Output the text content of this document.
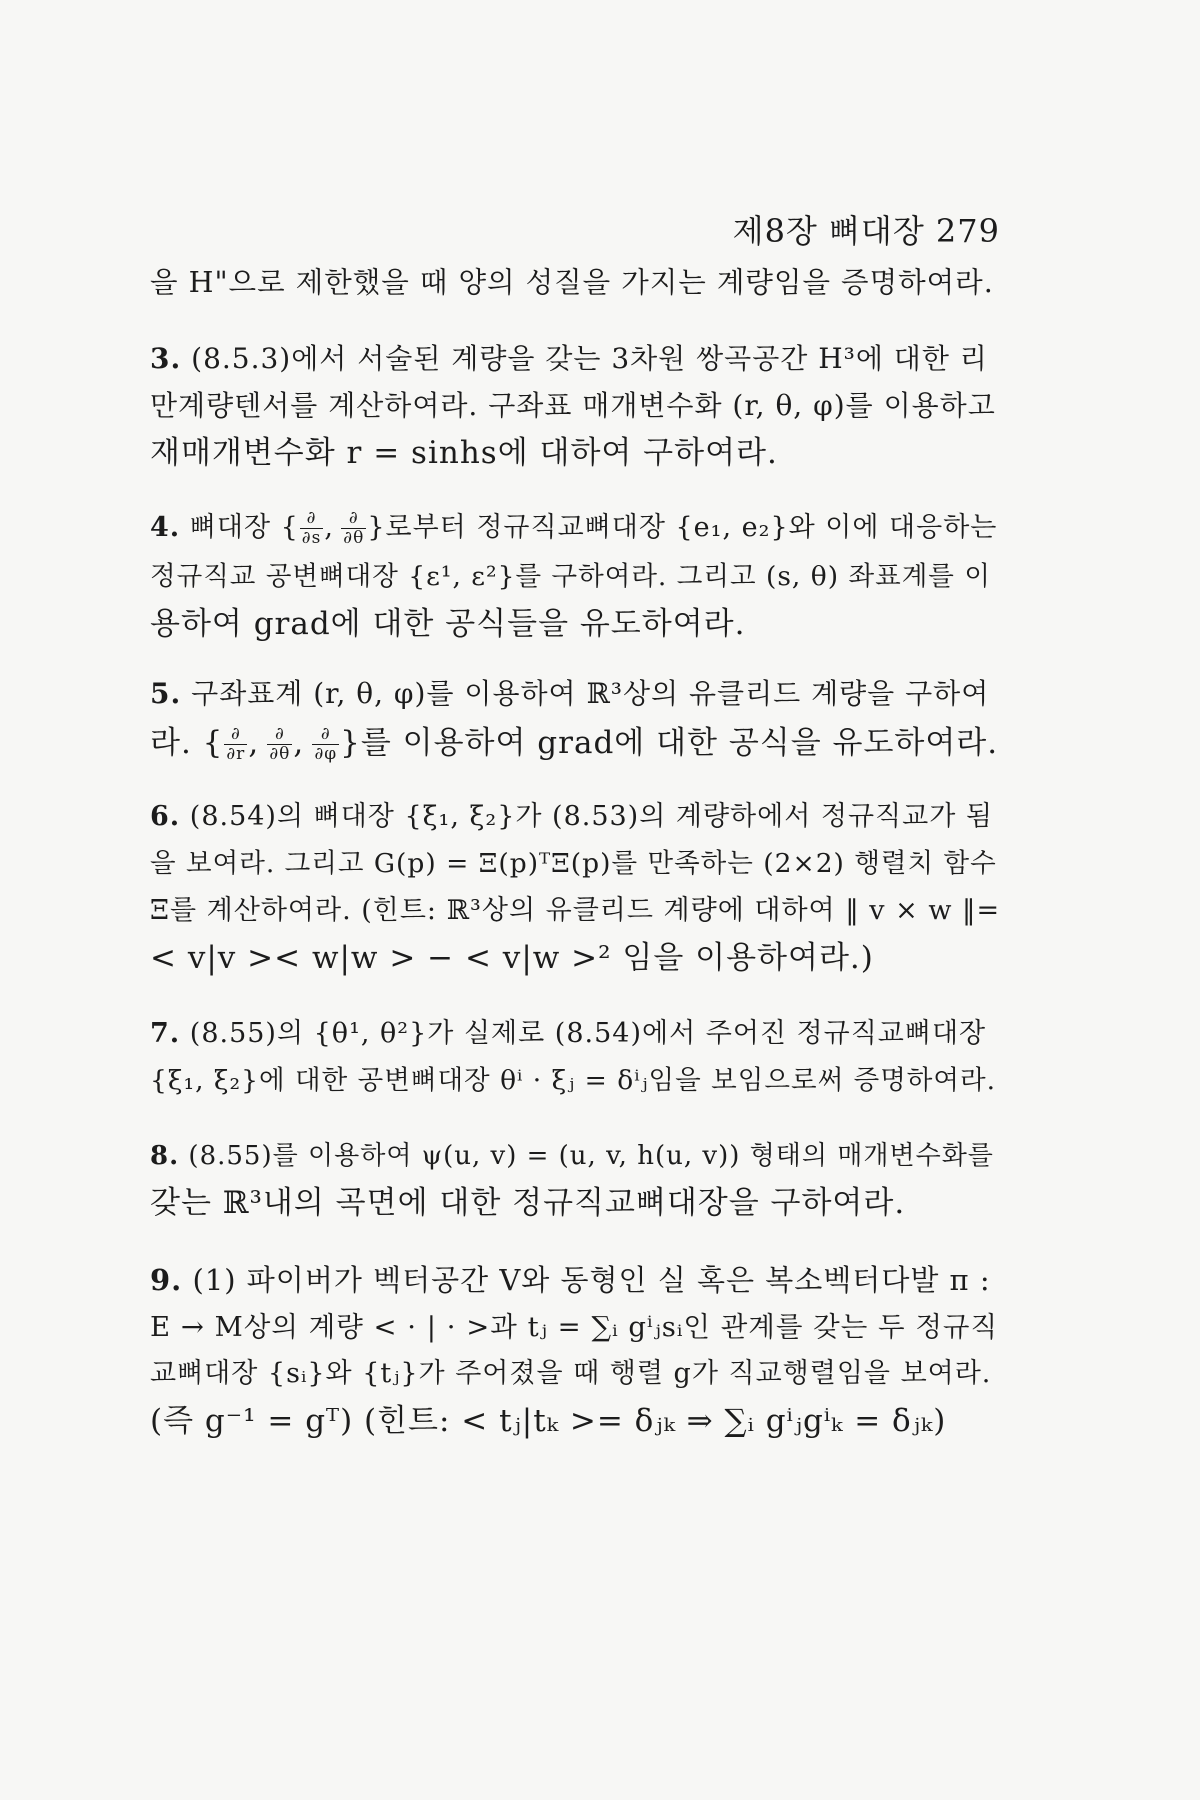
제8장 뼈대장 279
을 H"으로 제한했을 때 양의 성질을 가지는 계량임을 증명하여라.
3. (8.5.3)에서 서술된 계량을 갖는 3차원 쌍곡공간 H³에 대한 리
만계량텐서를 계산하여라. 구좌표 매개변수화 (r, θ, φ)를 이용하고
재매개변수화 r = sinhs에 대하여 구하여라.
4. 뼈대장 { $\frac{\partial}{\partial s}$ ,  $\frac{\partial}{\partial\theta}$ }로부터 정규직교뼈대장 {e₁, e₂}와 이에 대응하는
정규직교 공변뼈대장 {ε¹, ε²}를 구하여라. 그리고 (s, θ) 좌표계를 이
용하여 grad에 대한 공식들을 유도하여라.
5. 구좌표계 (r, θ, φ)를 이용하여 ℝ³상의 유클리드 계량을 구하여
라. { $\frac{\partial}{\partial r}$ ,  $\frac{\partial}{\partial\theta}$ ,  $\frac{\partial}{\partial\varphi}$ }를 이용하여 grad에 대한 공식을 유도하여라.
6. (8.54)의 뼈대장 {ξ₁, ξ₂}가 (8.53)의 계량하에서 정규직교가 됨
을 보여라. 그리고 G(p) = Ξ(p)ᵀΞ(p)를 만족하는 (2×2) 행렬치 함수
Ξ를 계산하여라. (힌트: ℝ³상의 유클리드 계량에 대하여 ‖ v × w ‖=
< v|v >< w|w > − < v|w >² 임을 이용하여라.)
7. (8.55)의 {θ¹, θ²}가 실제로 (8.54)에서 주어진 정규직교뼈대장
{ξ₁, ξ₂}에 대한 공변뼈대장 θⁱ · ξⱼ = δⁱⱼ임을 보임으로써 증명하여라.
8. (8.55)를 이용하여 ψ(u, v) = (u, v, h(u, v)) 형태의 매개변수화를
갖는 ℝ³내의 곡면에 대한 정규직교뼈대장을 구하여라.
9. (1) 파이버가 벡터공간 V와 동형인 실 혹은 복소벡터다발 π :
E → M상의 계량 < · | · >과 tⱼ = ∑ᵢ gⁱⱼsᵢ인 관계를 갖는 두 정규직
교뼈대장 {sᵢ}와 {tⱼ}가 주어졌을 때 행렬 g가 직교행렬임을 보여라.
(즉 g⁻¹ = gᵀ) (힌트: < tⱼ|tₖ >= δⱼₖ ⇒ ∑ᵢ gⁱⱼgⁱₖ = δⱼₖ)
